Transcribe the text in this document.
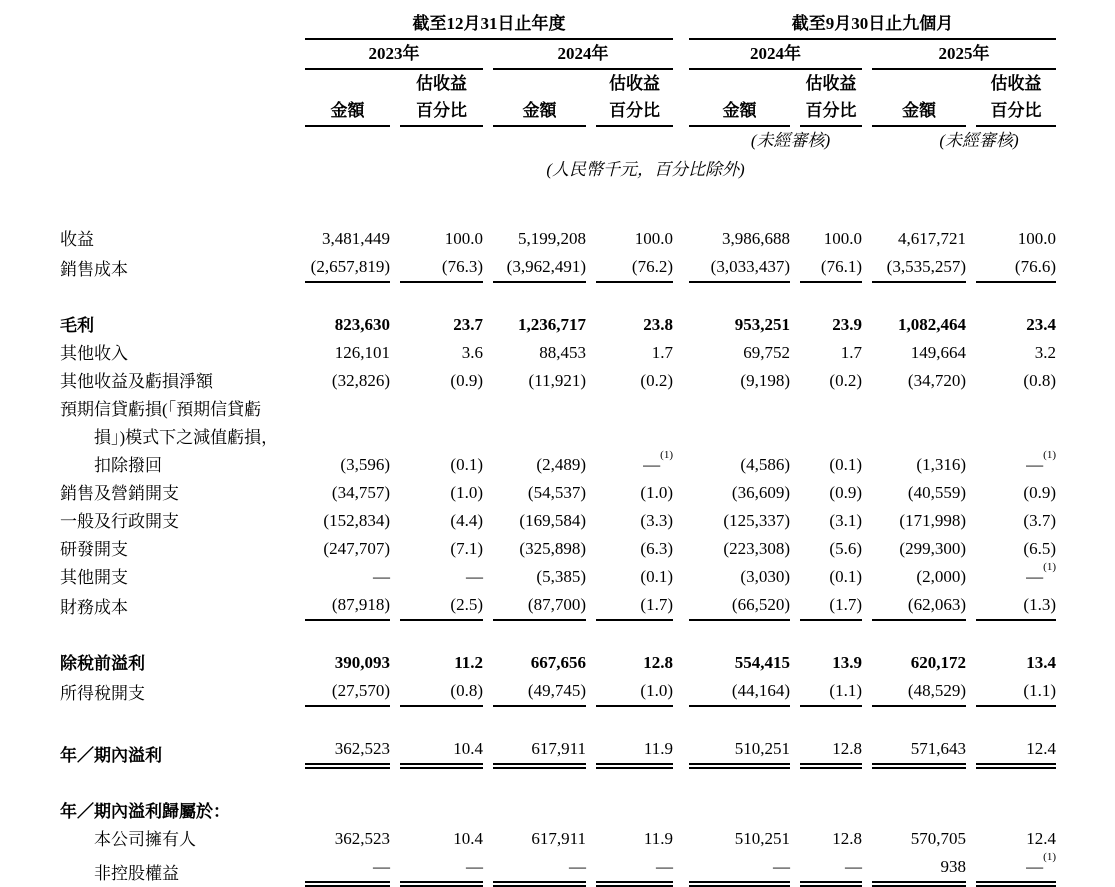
	截至12月31日止年度				截至9月30日止九個月			

	2023年		2024年		2024年		2025年	

	金額	估收益
百分比	金額	估收益
百分比	金額	估收益
百分比	金額	估收益
百分比

					(未經審核)		(未經審核)	

	(人民幣千元，百分比除外)							

收益	3,481,449	100.0	5,199,208	100.0	3,986,688	100.0	4,617,721	100.0

銷售成本	(2,657,819)	(76.3)	(3,962,491)	(76.2)	(3,033,437)	(76.1)	(3,535,257)	(76.6)

毛利	823,630	23.7	1,236,717	23.8	953,251	23.9	1,082,464	23.4

其他收入	126,101	3.6	88,453	1.7	69,752	1.7	149,664	3.2

其他收益及虧損淨額	(32,826)	(0.9)	(11,921)	(0.2)	(9,198)	(0.2)	(34,720)	(0.8)

預期信貸虧損(「預期信貸虧	

損」)模式下之減值虧損，	

扣除撥回	(3,596)	(0.1)	(2,489)	—$^{(1)}$	(4,586)	(0.1)	(1,316)	—$^{(1)}$

銷售及營銷開支	(34,757)	(1.0)	(54,537)	(1.0)	(36,609)	(0.9)	(40,559)	(0.9)

一般及行政開支	(152,834)	(4.4)	(169,584)	(3.3)	(125,337)	(3.1)	(171,998)	(3.7)

研發開支	(247,707)	(7.1)	(325,898)	(6.3)	(223,308)	(5.6)	(299,300)	(6.5)

其他開支	—	—	(5,385)	(0.1)	(3,030)	(0.1)	(2,000)	—$^{(1)}$

財務成本	(87,918)	(2.5)	(87,700)	(1.7)	(66,520)	(1.7)	(62,063)	(1.3)

除稅前溢利	390,093	11.2	667,656	12.8	554,415	13.9	620,172	13.4

所得稅開支	(27,570)	(0.8)	(49,745)	(1.0)	(44,164)	(1.1)	(48,529)	(1.1)

年／期內溢利	362,523	10.4	617,911	11.9	510,251	12.8	571,643	12.4

年／期內溢利歸屬於：	

本公司擁有人	362,523	10.4	617,911	11.9	510,251	12.8	570,705	12.4

非控股權益	—	—	—	—	—	—	938	—$^{(1)}$
